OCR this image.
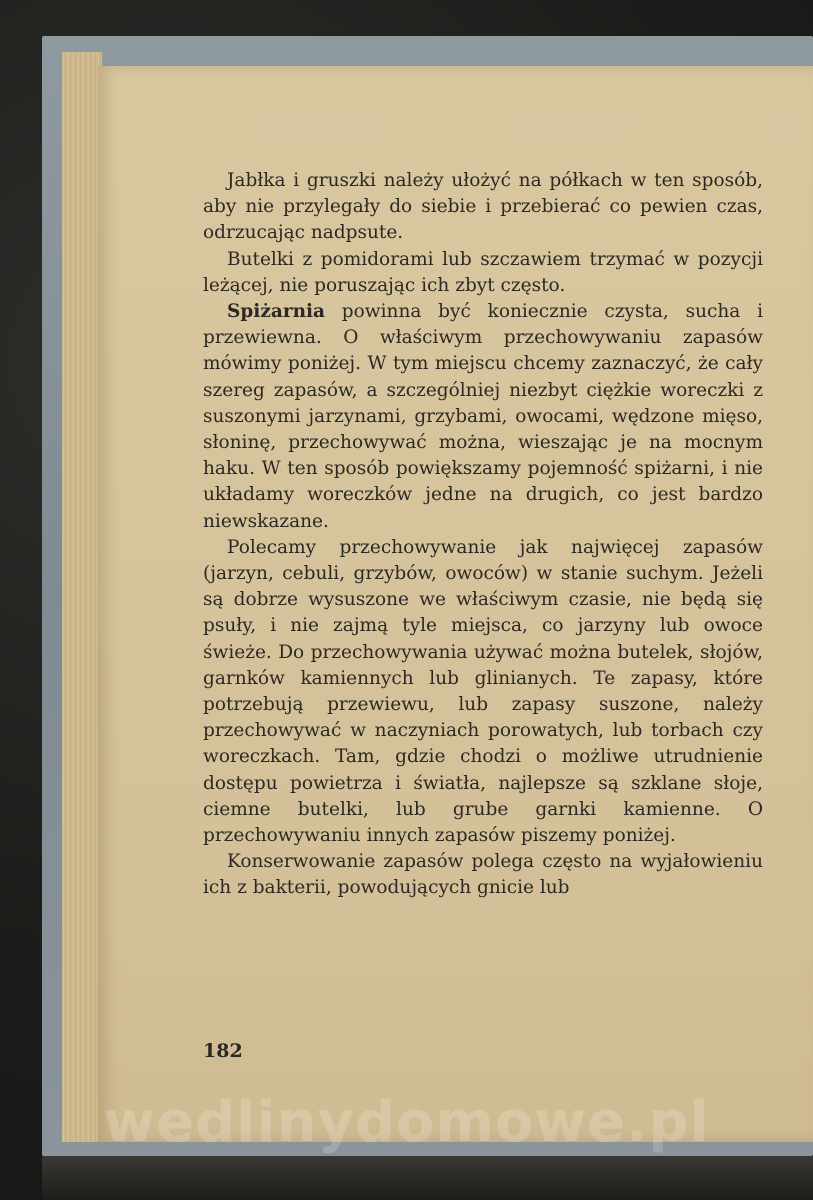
Jabłka i gruszki należy ułożyć na półkach w ten sposób, aby nie przylegały do siebie i przebierać co pewien czas, odrzucając nadpsute.

Butelki z pomidorami lub szczawiem trzymać w pozycji leżącej, nie poruszając ich zbyt często.

Spiżarnia powinna być koniecznie czysta, sucha i przewiewna. O właściwym przechowywaniu zapasów mówimy poniżej. W tym miejscu chcemy zaznaczyć, że cały szereg zapasów, a szczególniej niezbyt ciężkie woreczki z suszonymi jarzynami, grzybami, owocami, wędzone mięso, słoninę, przechowywać można, wieszając je na mocnym haku. W ten sposób powiększamy pojemność spiżarni, i nie układamy woreczków jedne na drugich, co jest bardzo niewskazane.

Polecamy przechowywanie jak najwięcej zapasów (jarzyn, cebuli, grzybów, owoców) w stanie suchym. Jeżeli są dobrze wysuszone we właściwym czasie, nie będą się psuły, i nie zajmą tyle miejsca, co jarzyny lub owoce świeże. Do przechowywania używać można butelek, słojów, garnków kamiennych lub glinianych. Te zapasy, które potrzebują przewiewu, lub zapasy suszone, należy przechowywać w naczyniach porowatych, lub torbach czy woreczkach. Tam, gdzie chodzi o możliwe utrudnienie dostępu powietrza i światła, najlepsze są szklane słoje, ciemne butelki, lub grube garnki kamienne. O przechowywaniu innych zapasów piszemy poniżej.

Konserwowanie zapasów polega często na wyjałowieniu ich z bakterii, powodujących gnicie lub

182
wedlinydomowe.pl
